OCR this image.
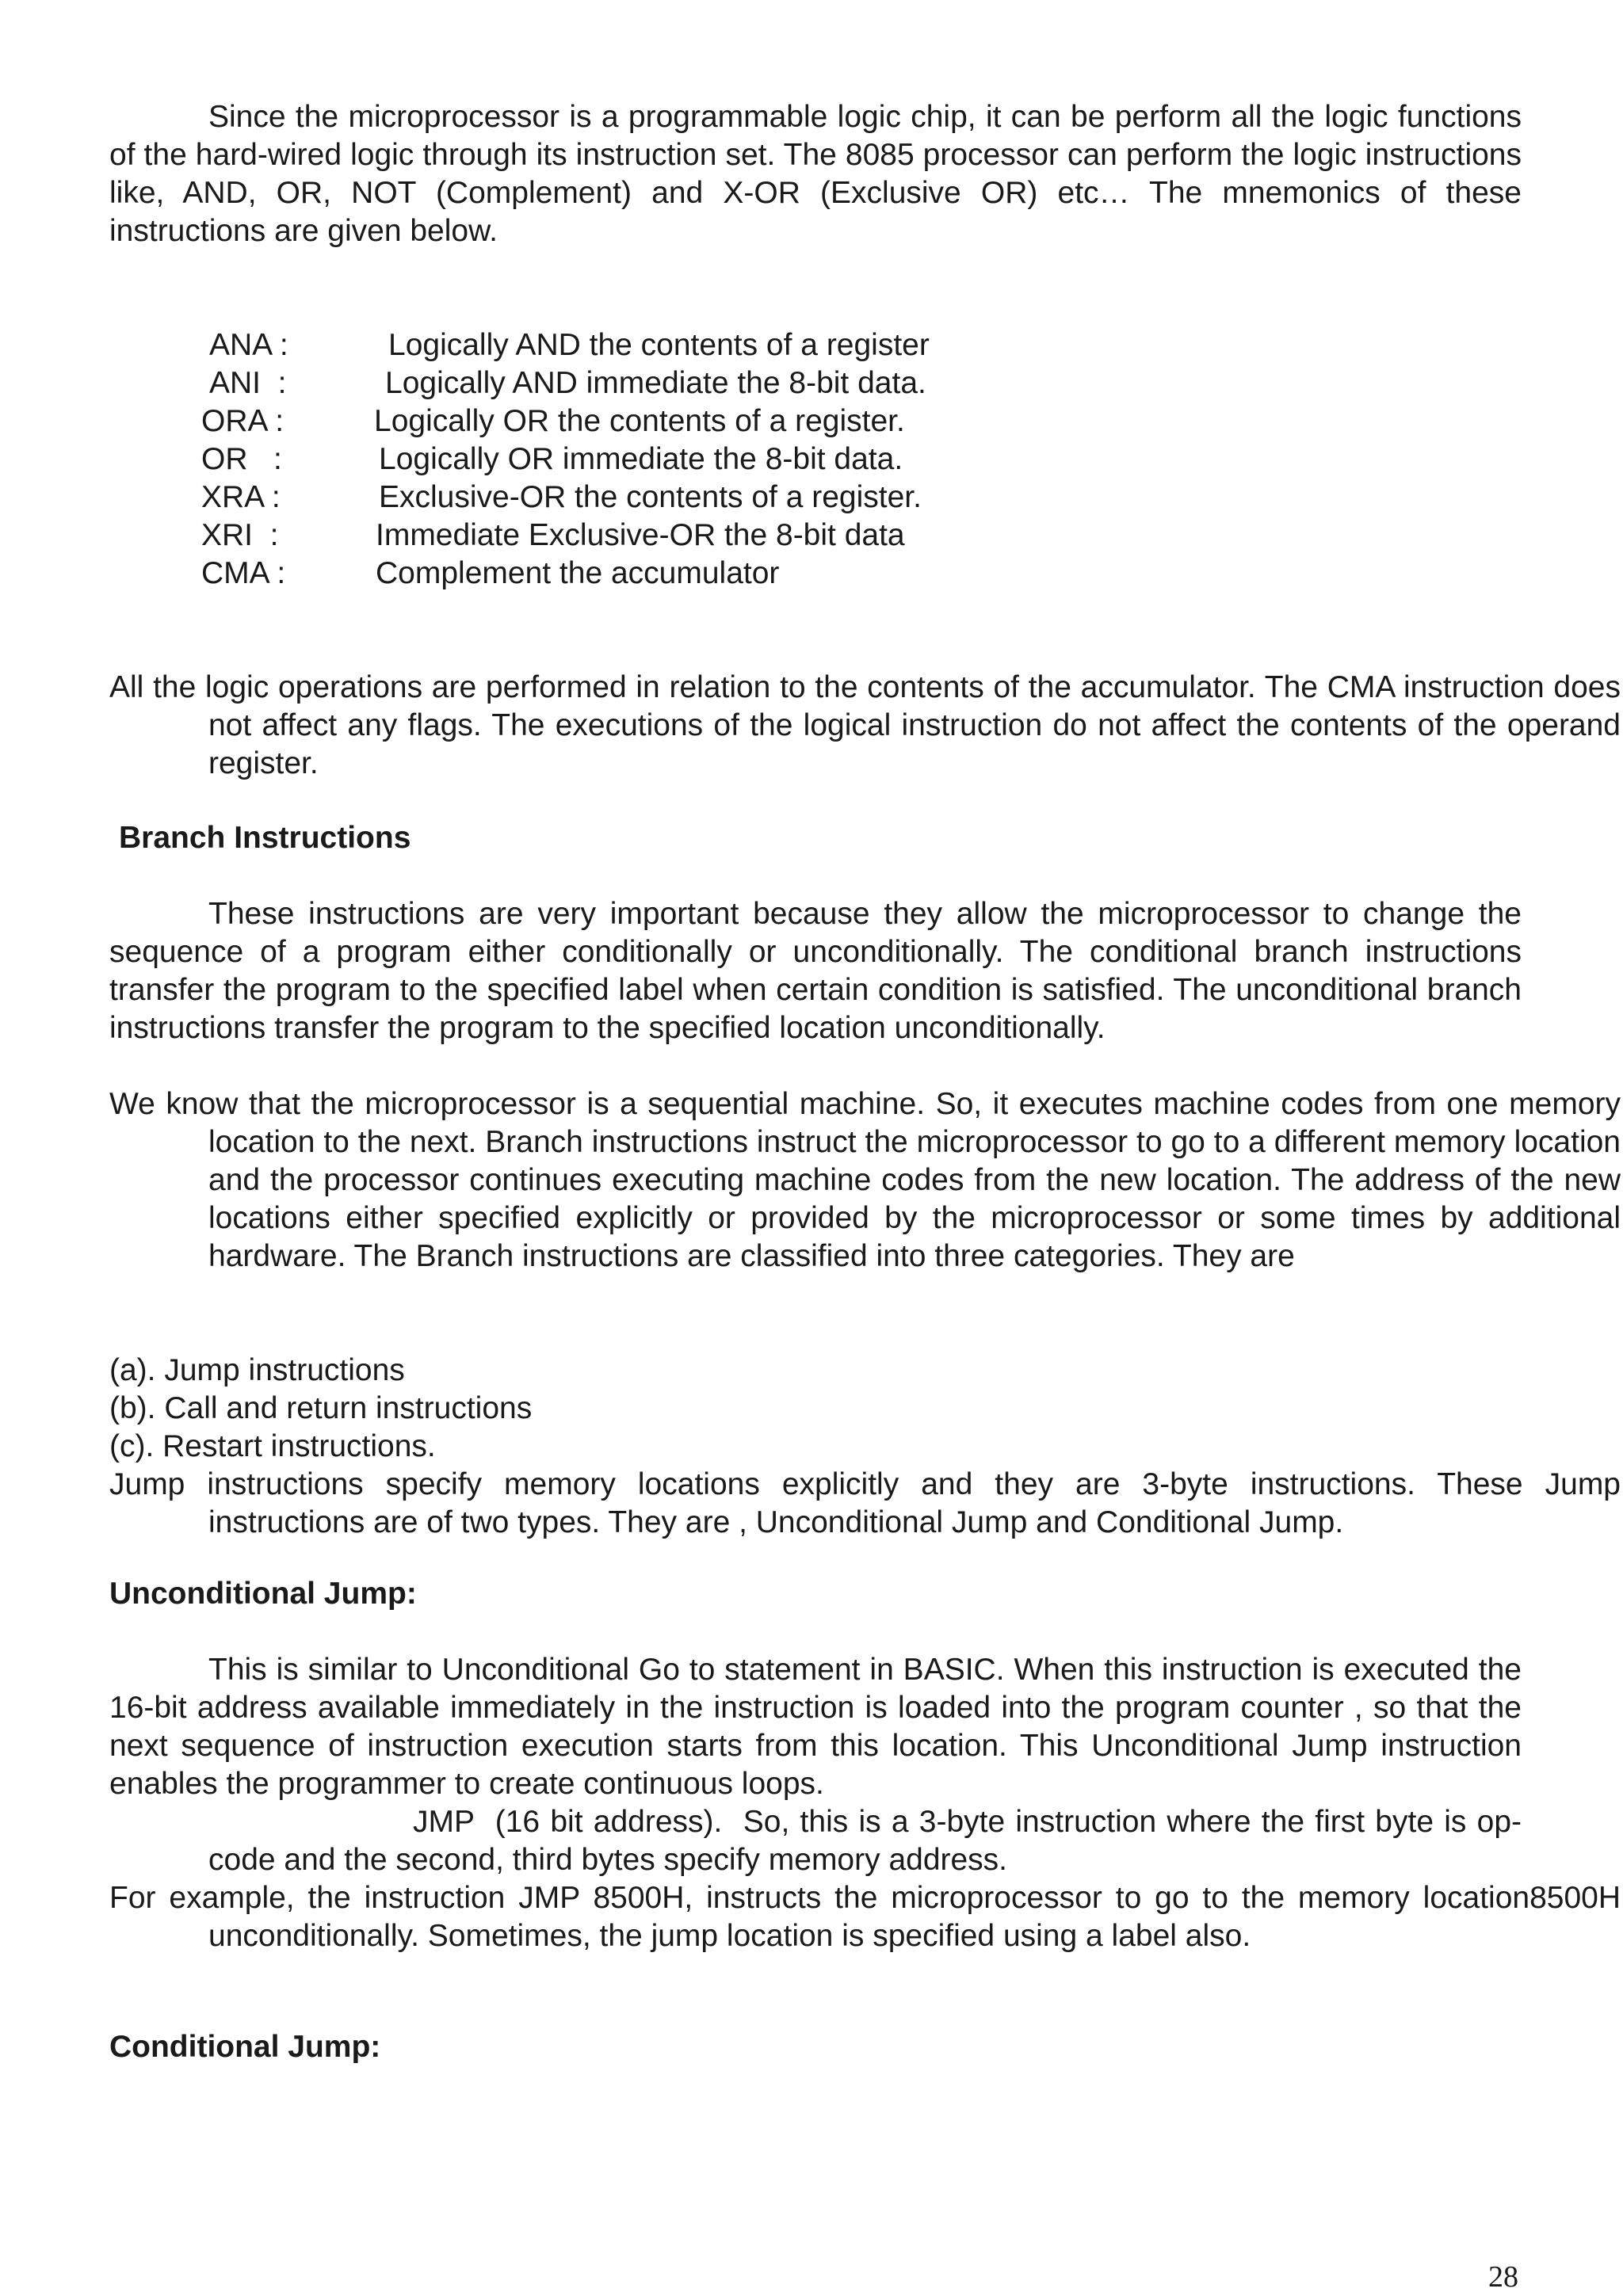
Since the microprocessor is a programmable logic chip, it can be perform all the logic functions of the hard-wired logic through its instruction set. The 8085 processor can perform the logic instructions like, AND, OR, NOT (Complement) and X-OR (Exclusive OR) etc… The mnemonics of these instructions are given below.
ANA :	Logically AND the contents of a register
ANI  :	Logically AND immediate the 8-bit data.
ORA :	Logically OR the contents of a register.
OR   :	Logically OR immediate the 8-bit data.
XRA :	Exclusive-OR the contents of a register.
XRI  :	Immediate Exclusive-OR the 8-bit data
CMA :	Complement the accumulator
All the logic operations are performed in relation to the contents of the accumulator. The CMA instruction does not affect any flags. The executions of the logical instruction do not affect the contents of the operand register.
Branch Instructions
These instructions are very important because they allow the microprocessor to change the sequence of a program either conditionally or unconditionally. The conditional branch instructions transfer the program to the specified label when certain condition is satisfied. The unconditional branch instructions transfer the program to the specified location unconditionally.
We know that the microprocessor is a sequential machine. So, it executes machine codes from one memory location to the next. Branch instructions instruct the microprocessor to go to a different memory location and the processor continues executing machine codes from the new location. The address of the new locations either specified explicitly or provided by the microprocessor or some times by additional hardware. The Branch instructions are classified into three categories. They are
(a). Jump instructions
(b). Call and return instructions
(c). Restart instructions.
Jump instructions specify memory locations explicitly and they are 3-byte instructions. These Jump instructions are of two types. They are , Unconditional Jump and Conditional Jump.
Unconditional Jump:
This is similar to Unconditional Go to statement in BASIC. When this instruction is executed the 16-bit address available immediately in the instruction is loaded into the program counter , so that the next sequence of instruction execution starts from this location. This Unconditional Jump instruction enables the programmer to create continuous loops.
JMP  (16 bit address). So, this is a 3-byte instruction where the first byte is op-code and the second, third bytes specify memory address.
For example, the instruction JMP 8500H, instructs the microprocessor to go to the memory location8500H unconditionally. Sometimes, the jump location is specified using a label also.
Conditional Jump:
28
